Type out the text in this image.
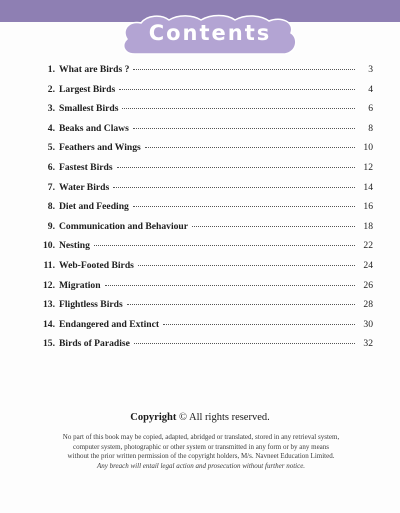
Contents
1. What are Birds ?	3
2. Largest Birds	4
3. Smallest Birds	6
4. Beaks and Claws	8
5. Feathers and Wings	10
6. Fastest Birds	12
7. Water Birds	14
8. Diet and Feeding	16
9. Communication and Behaviour	18
10. Nesting	22
11. Web-Footed Birds	24
12. Migration	26
13. Flightless Birds	28
14. Endangered and Extinct	30
15. Birds of Paradise	32
Copyright © All rights reserved.
No part of this book may be copied, adapted, abridged or translated, stored in any retrieval system, computer system, photographic or other system or transmitted in any form or by any means without the prior written permission of the copyright holders, M/s. Navneet Education Limited. Any breach will entail legal action and prosecution without further notice.
